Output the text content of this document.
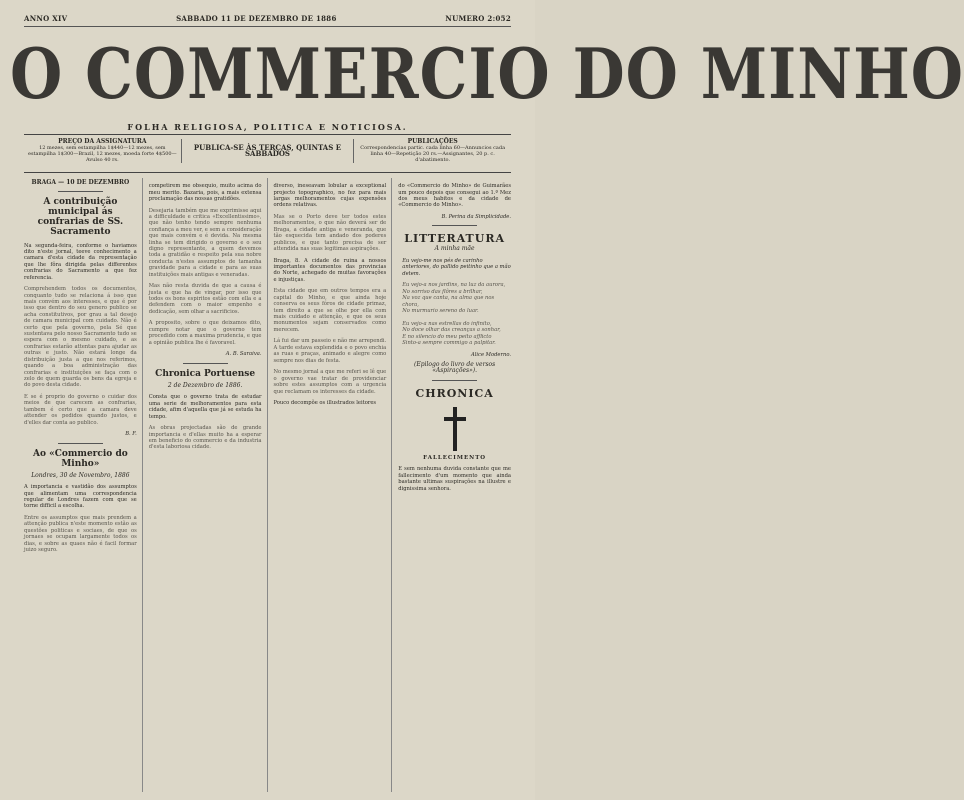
ANNO XIV	SABBADO 11 DE DEZEMBRO DE 1886	NUMERO 2:052
O COMMERCIO DO MINHO
FOLHA RELIGIOSA, POLITICA E NOTICIOSA.
PREÇO DA ASSIGNATURA
12 mezes, sem estampilha 1$440—12 mezes, sem estampilha 1$300—Brazil, 12 mezes, moeda forte 4$500—Avulso 40 rs.
PUBLICA-SE ÀS TERÇAS, QUINTAS E SABBADOS
PUBLICAÇÕES
Correspondencias partic. cada linha 60—Annuncios cada linha 40—Repetição 20 rs.—Assignantes, 20 p. c. d'abatimento.
BRAGA — 10 DE DEZEMBRO
A contribuição municipal ás confrarias de SS. Sacramento

Na segunda-feira, conforme o haviamos dito n'este jornal, teeve conhecimento a camara d'esta cidade da representação que lhe fôra dirigida pelas differentes confrarias do Sacramento a que fez referencia.

Comprehendem todos os documentos, conquanto tudo se relaciona á isso que mais convém aos interesses, e que é por isso que dentro do seu genero publico se acha constitutivos, por grau a tal desejo de camara municipal com cuidado. Não é certo que pela governo, pela Sé que sustentava pelo nosso Sacramento tudo se espera com o mesmo cuidado, e as confrarias estarão attentas para ajudar as outras e justo. Não estará longe da distribuição justa a que nos referimos, quando a boa administração das confrarias e instituições se faça com o zelo de quem guarda os bens da egreja e do povo desta cidade.

E se é proprio do governo o cuidar dos meios de que carecem as confrarias, tambem é certo que a camara deve attender os pedidos quando justos, e d'elles dar conta ao publico.

B. F.
Ao «Commercio do Minho»
Londres, 30 de Novembro, 1886

A importancia e vastidão dos assumptos que alimentam uma correspondencia regular de Londres fazem com que se torne difficil a escolha.

Entre os assumptos que mais prendem a attenção publica n'este momento estão as questões politicas e sociaes, de que os jornaes se ocupam largamente todos os dias, e sobre as quaes não é facil formar juizo seguro.

competirem me obsequio, muito acima do meu merito. Bazaria, pois, a mais extensa proclamação das nossas gratidões.

Desejaria também que me exprimisse aqui a difficuldade e critica «Excellentissimo», que não tenho tendo sempre nenhuma confiança a meu ver, e sem a consideração que mais convém e é devida. Na mesma linha se tem dirigido o governo e o seu digno representante, a quem devemos toda a gratidão e respeito pela sua nobre conducta n'estes assumptos de tamanha gravidade para a cidade e para as suas instituições mais antigas e veneradas.

Mas não resta duvida de que a causa é justa e que ha de vingar, por isso que todos os bons espiritos estão com ella e a defendem com o maior empenho e dedicação, sem olhar a sacrificios.

A proposito, sobre o que deixamos dito, cumpre notar que o governo tem procedido com a maxima prudencia, e que a opinião publica lhe é favoravel.

A. B. Saraiva.
Chronica Portuense
2 de Dezembro de 1886.

Consta que o governo trata de estudar uma serie de melhoramentos para esta cidade, afim d'aquella que já se estuda ha tempo.

As obras projectadas são de grande importancia e d'ellas muito ha a esperar em beneficio do commercio e da industria d'esta laboriosa cidade.

diverso, ineseavam lobular a exceptional projecto topographico, no fez para mais largas melhoramentos cujas expensões ordens relativas.

Mas se o Porto deve ter todos estes melhoramentos, o que não deverá ser de Braga, a cidade antiga e veneranda, que tão esquecida tem andado dos poderes publicos, e que tanto precisa de ser attendida nas suas legitimas aspirações.

Braga, 8. A cidade de ruina a nossos importantes documentos das provincias do Norte, achegado de muitas favorações e injustiças.

Esta cidade que em outros tempos era a capital do Minho, e que ainda hoje conserva os seus fóros de cidade primaz, tem direito a que se olhe por ella com mais cuidado e attenção, e que os seus monumentos sejam conservados como merecem.

Lá fui dar um passeio e não me arrependi. A tarde estava explendida e o povo enchia as ruas e praças, animado e alegre como sempre nos dias de festa.

No mesmo jornal a que me referi se lê que o governo vae tratar de providenciar sobre estes assumptos com a urgencia que reclamam os interesses da cidade.

Pouco decompõe os illustrados leitores

do «Commercio do Minho» de Guimarães um pouco depois que consegui ao 1.º Mez dos meus habitos e da cidade de «Commercio do Minho».

B. Perina da Simplicidade.
LITTERATURA
A minha mãe

Eu vejo-me nos pés de carinho anteriores, do pallido peitinho que a mão detem.

Eu vejo-a nos jardins, na luz da aurora,
No sorriso das flôres a brilhar,
Na voz que canta, na alma que nos chora,
No murmurio sereno do luar.

Eu vejo-a nas estrellas do infinito,
No doce olhar das creanças a sonhar,
E no silencio do meu peito afflicto
Sinto-a sempre commigo a palpitar.

Alice Moderno.
(Epilogo do livro de versos «Aspirações»).
CHRONICA
FALLECIMENTO

E sem nenhuma duvida constante que me fallecimento d'um momento que ainda bastante ultimas suspirações na illustre e dignissima senhora.
